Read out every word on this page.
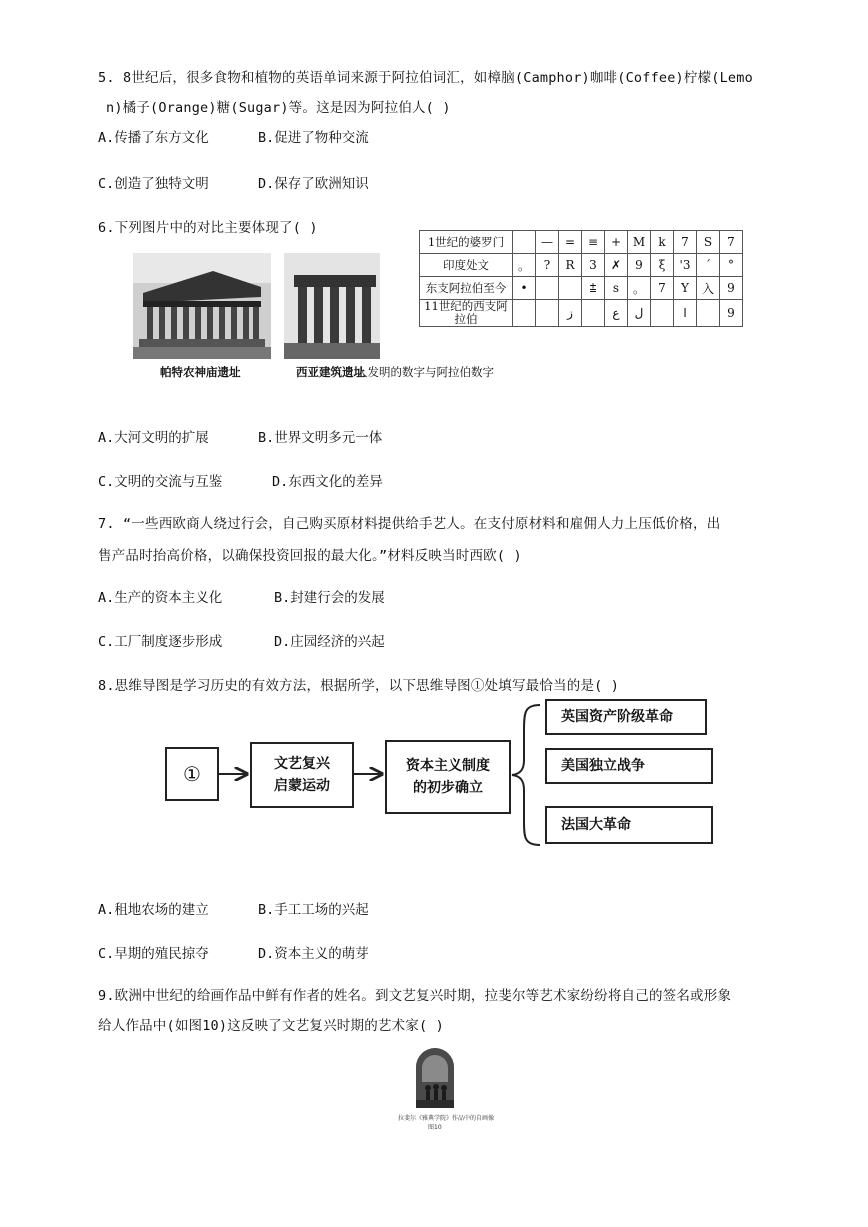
5. 8世纪后，很多食物和植物的英语单词来源于阿拉伯词汇，如樟脑(Camphor)咖啡(Coffee)柠檬(Lemo
n)橘子(Orange)糖(Sugar)等。这是因为阿拉伯人( )
A.传播了东方文化	B.促进了物种交流
C.创造了独特文明	D.保存了欧洲知识
6.下列图片中的对比主要体现了( )
帕特农神庙遗址	西亚建筑遗址
人发明的数字与阿拉伯数字
1世纪的婆罗门		—	=	≡	+	M	k	7	S	7
印度处文	。	?	R	3	✗	9	ξ	'3	´	°
东支阿拉伯至今	•			⩲	s	。	7	Y	入	9
11世纪的西支阿拉伯			ﺯ		ﻉ	ﻝ		ﺍ		9
A.大河文明的扩展	B.世界文明多元一体
C.文明的交流与互鉴	D.东西文化的差异
7. “一些西欧商人绕过行会，自己购买原材料提供给手艺人。在支付原材料和雇佣人力上压低价格，出
售产品时抬高价格，以确保投资回报的最大化。”材料反映当时西欧( )
A.生产的资本主义化	B.封建行会的发展
C.工厂制度逐步形成	D.庄园经济的兴起
8.思维导图是学习历史的有效方法，根据所学，以下思维导图①处填写最恰当的是( )
①	文艺复兴
启蒙运动
资本主义制度
的初步确立
英国资产阶级革命
美国独立战争
法国大革命
A.租地农场的建立	B.手工工场的兴起
C.早期的殖民掠夺	D.资本主义的萌芽
9.欧洲中世纪的给画作品中鲜有作者的姓名。到文艺复兴时期，拉斐尔等艺术家纷纷将自己的签名或形象
给人作品中(如图10)这反映了文艺复兴时期的艺术家( )
拉斐尔《雅典学院》作品中的自画像
图10
